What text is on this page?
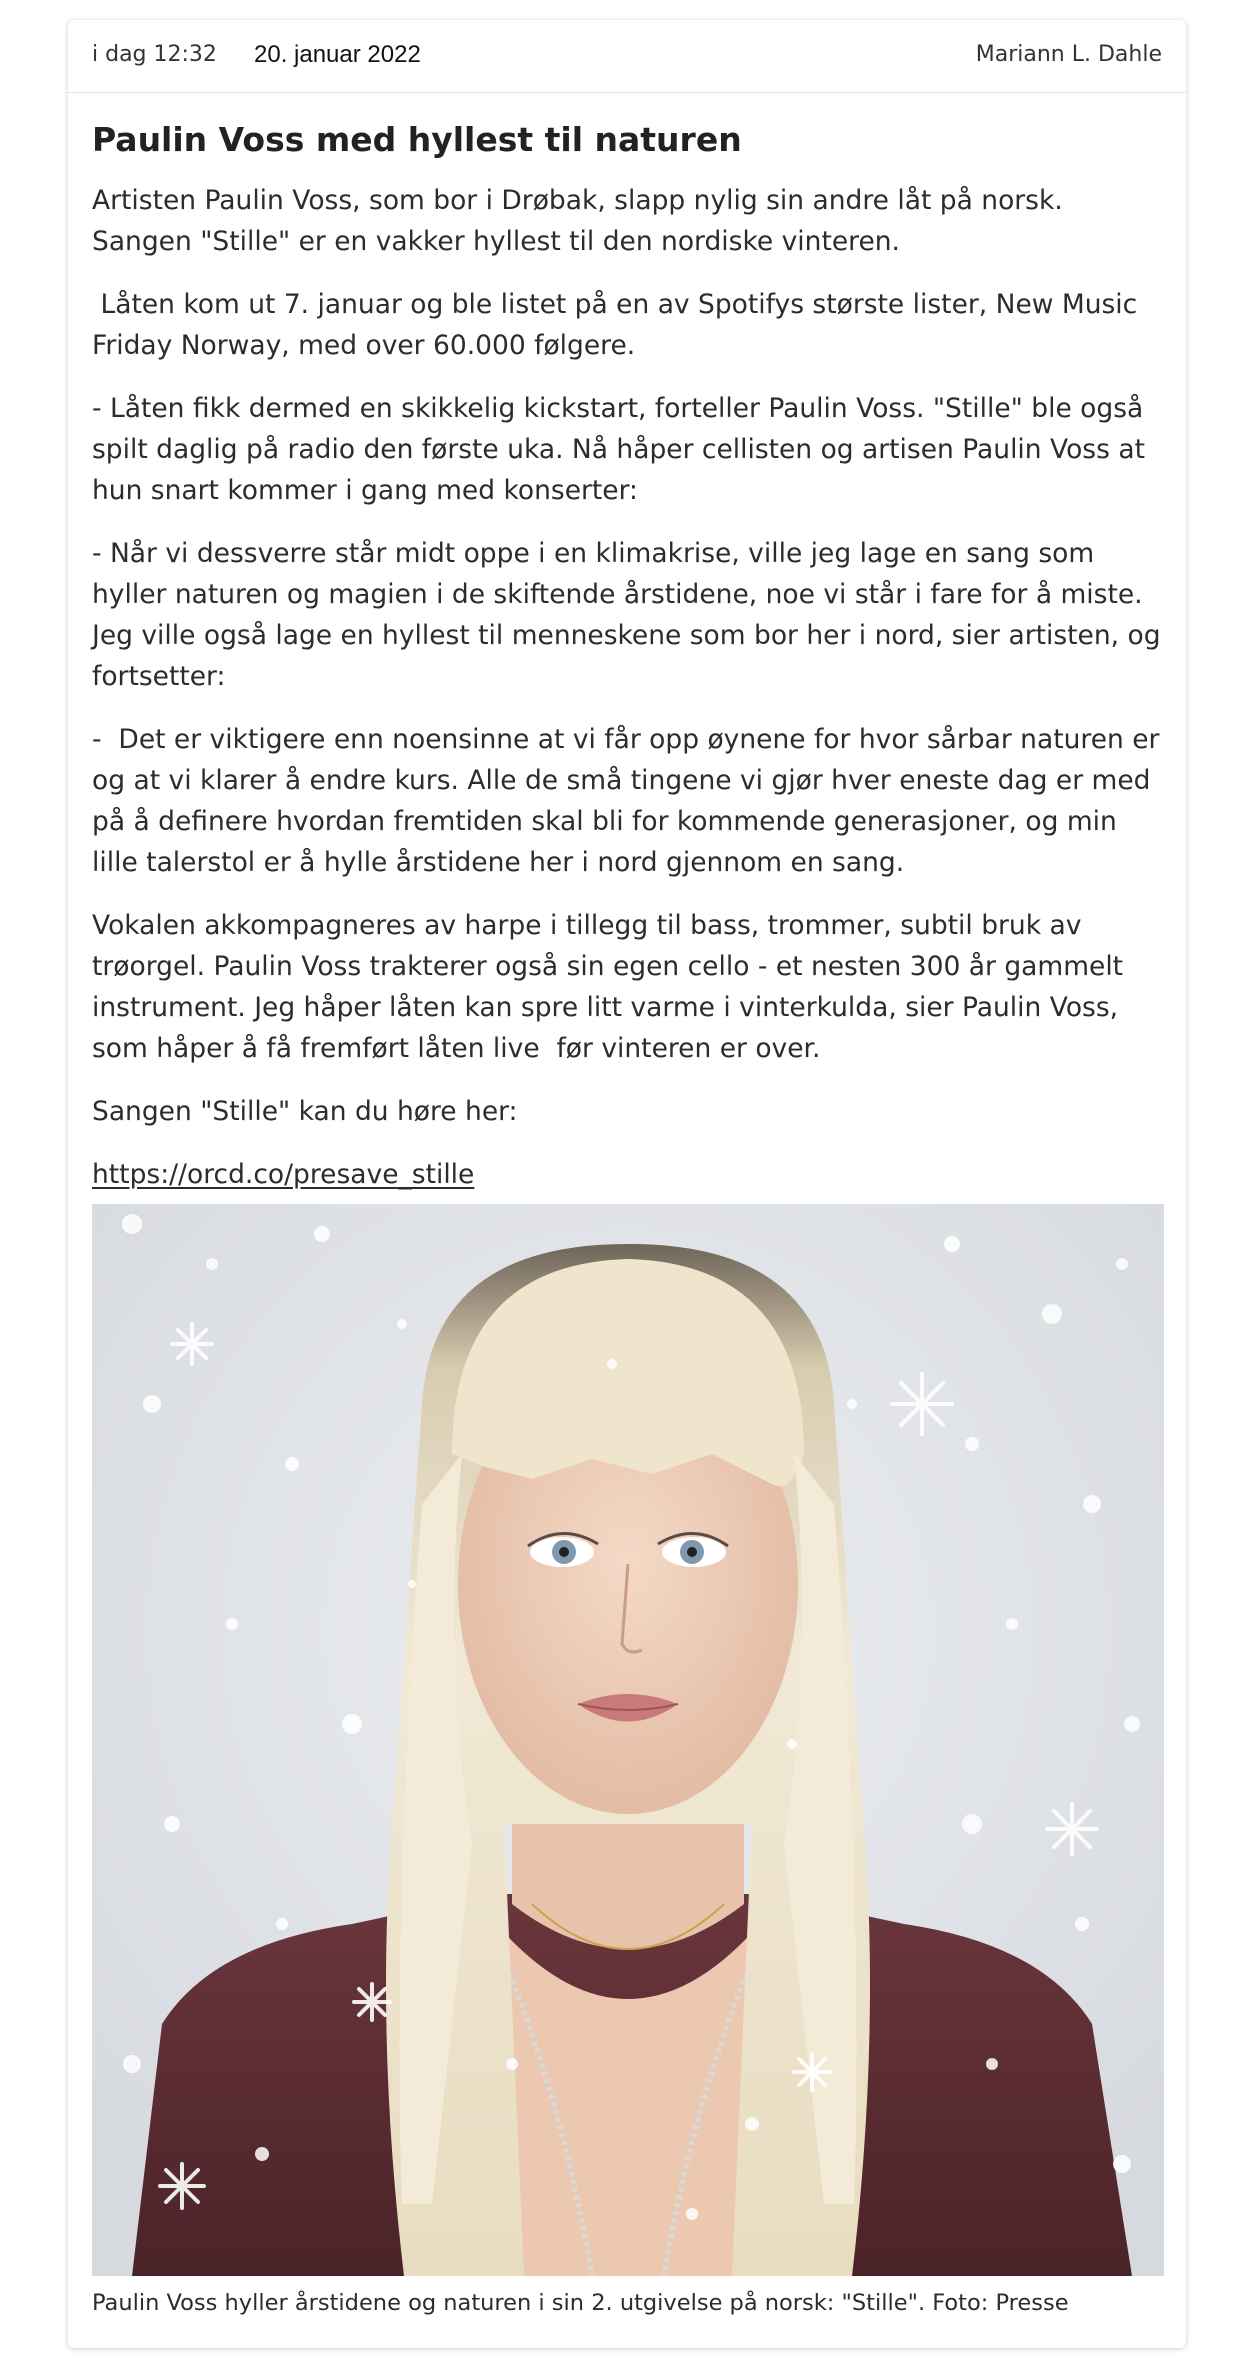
i dag 12:32 20. januar 2022	Mariann L. Dahle
Paulin Voss med hyllest til naturen

Artisten Paulin Voss, som bor i Drøbak, slapp nylig sin andre låt på norsk. Sangen "Stille" er en vakker hyllest til den nordiske vinteren.

Låten kom ut 7. januar og ble listet på en av Spotifys største lister, New Music Friday Norway, med over 60.000 følgere.

- Låten fikk dermed en skikkelig kickstart, forteller Paulin Voss. "Stille" ble også spilt daglig på radio den første uka. Nå håper cellisten og artisen Paulin Voss at hun snart kommer i gang med konserter:

- Når vi dessverre står midt oppe i en klimakrise, ville jeg lage en sang som hyller naturen og magien i de skiftende årstidene, noe vi står i fare for å miste. Jeg ville også lage en hyllest til menneskene som bor her i nord, sier artisten, og fortsetter:

-  Det er viktigere enn noensinne at vi får opp øynene for hvor sårbar naturen er og at vi klarer å endre kurs. Alle de små tingene vi gjør hver eneste dag er med på å definere hvordan fremtiden skal bli for kommende generasjoner, og min lille talerstol er å hylle årstidene her i nord gjennom en sang.

Vokalen akkompagneres av harpe i tillegg til bass, trommer, subtil bruk av trøorgel. Paulin Voss trakterer også sin egen cello - et nesten 300 år gammelt instrument. Jeg håper låten kan spre litt varme i vinterkulda, sier Paulin Voss, som håper å få fremført låten live  før vinteren er over.

Sangen "Stille" kan du høre her:

https://orcd.co/presave_stille
Paulin Voss hyller årstidene og naturen i sin 2. utgivelse på norsk: "Stille". Foto: Presse
